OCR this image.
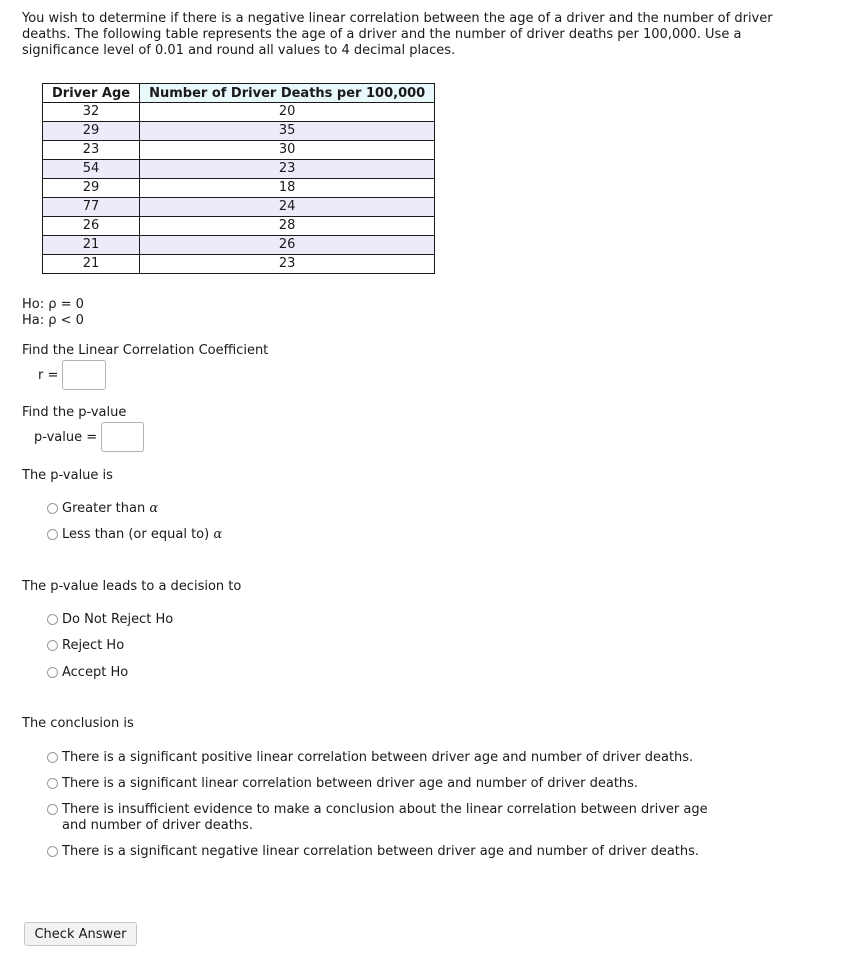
You wish to determine if there is a negative linear correlation between the age of a driver and the number of driver deaths. The following table represents the age of a driver and the number of driver deaths per 100,000. Use a significance level of 0.01 and round all values to 4 decimal places.

Driver Age	Number of Driver Deaths per 100,000
32	20
29	35
23	30
54	23
29	18
77	24
26	28
21	26
21	23
Ho: ρ = 0
Ha: ρ < 0
Find the Linear Correlation Coefficient
r =
Find the p-value
p-value =
The p-value is
Greater than α
Less than (or equal to) α
The p-value leads to a decision to
Do Not Reject Ho
Reject Ho
Accept Ho
The conclusion is
There is a significant positive linear correlation between driver age and number of driver deaths.
There is a significant linear correlation between driver age and number of driver deaths.
There is insufficient evidence to make a conclusion about the linear correlation between driver age and number of driver deaths.
There is a significant negative linear correlation between driver age and number of driver deaths.
Check Answer
